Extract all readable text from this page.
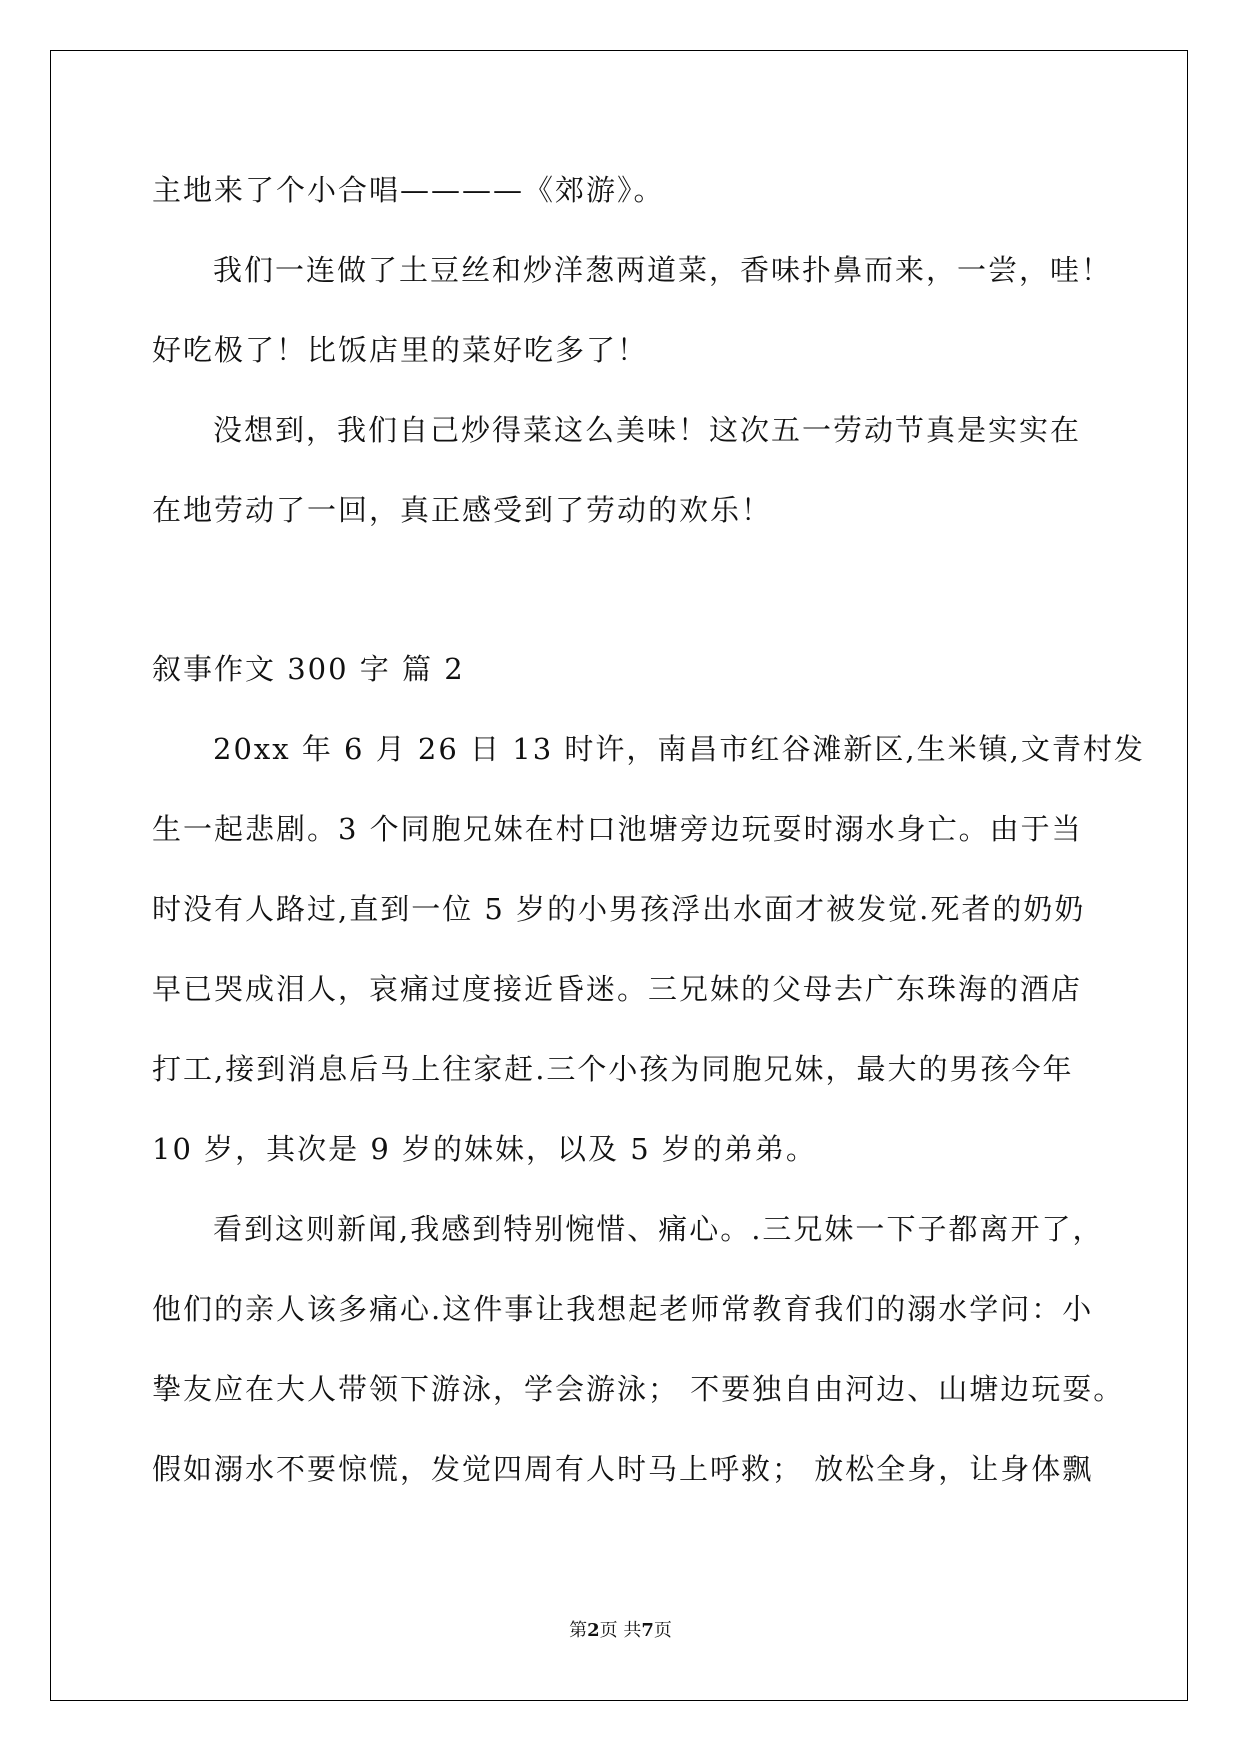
主地来了个小合唱————《郊游》。

我们一连做了土豆丝和炒洋葱两道菜，香味扑鼻而来，一尝，哇！

好吃极了！比饭店里的菜好吃多了！

没想到，我们自己炒得菜这么美味！这次五一劳动节真是实实在

在地劳动了一回，真正感受到了劳动的欢乐！

叙事作文 300 字 篇 2

20xx 年 6 月 26 日 13 时许，南昌市红谷滩新区,生米镇,文青村发

生一起悲剧。3 个同胞兄妹在村口池塘旁边玩耍时溺水身亡。由于当

时没有人路过,直到一位 5 岁的小男孩浮出水面才被发觉.死者的奶奶

早已哭成泪人，哀痛过度接近昏迷。三兄妹的父母去广东珠海的酒店

打工,接到消息后马上往家赶.三个小孩为同胞兄妹，最大的男孩今年

10 岁，其次是 9 岁的妹妹，以及 5 岁的弟弟。

看到这则新闻,我感到特别惋惜、痛心。.三兄妹一下子都离开了，

他们的亲人该多痛心.这件事让我想起老师常教育我们的溺水学问：小

挚友应在大人带领下游泳，学会游泳； 不要独自由河边、山塘边玩耍。

假如溺水不要惊慌，发觉四周有人时马上呼救； 放松全身，让身体飘

第2页 共7页
